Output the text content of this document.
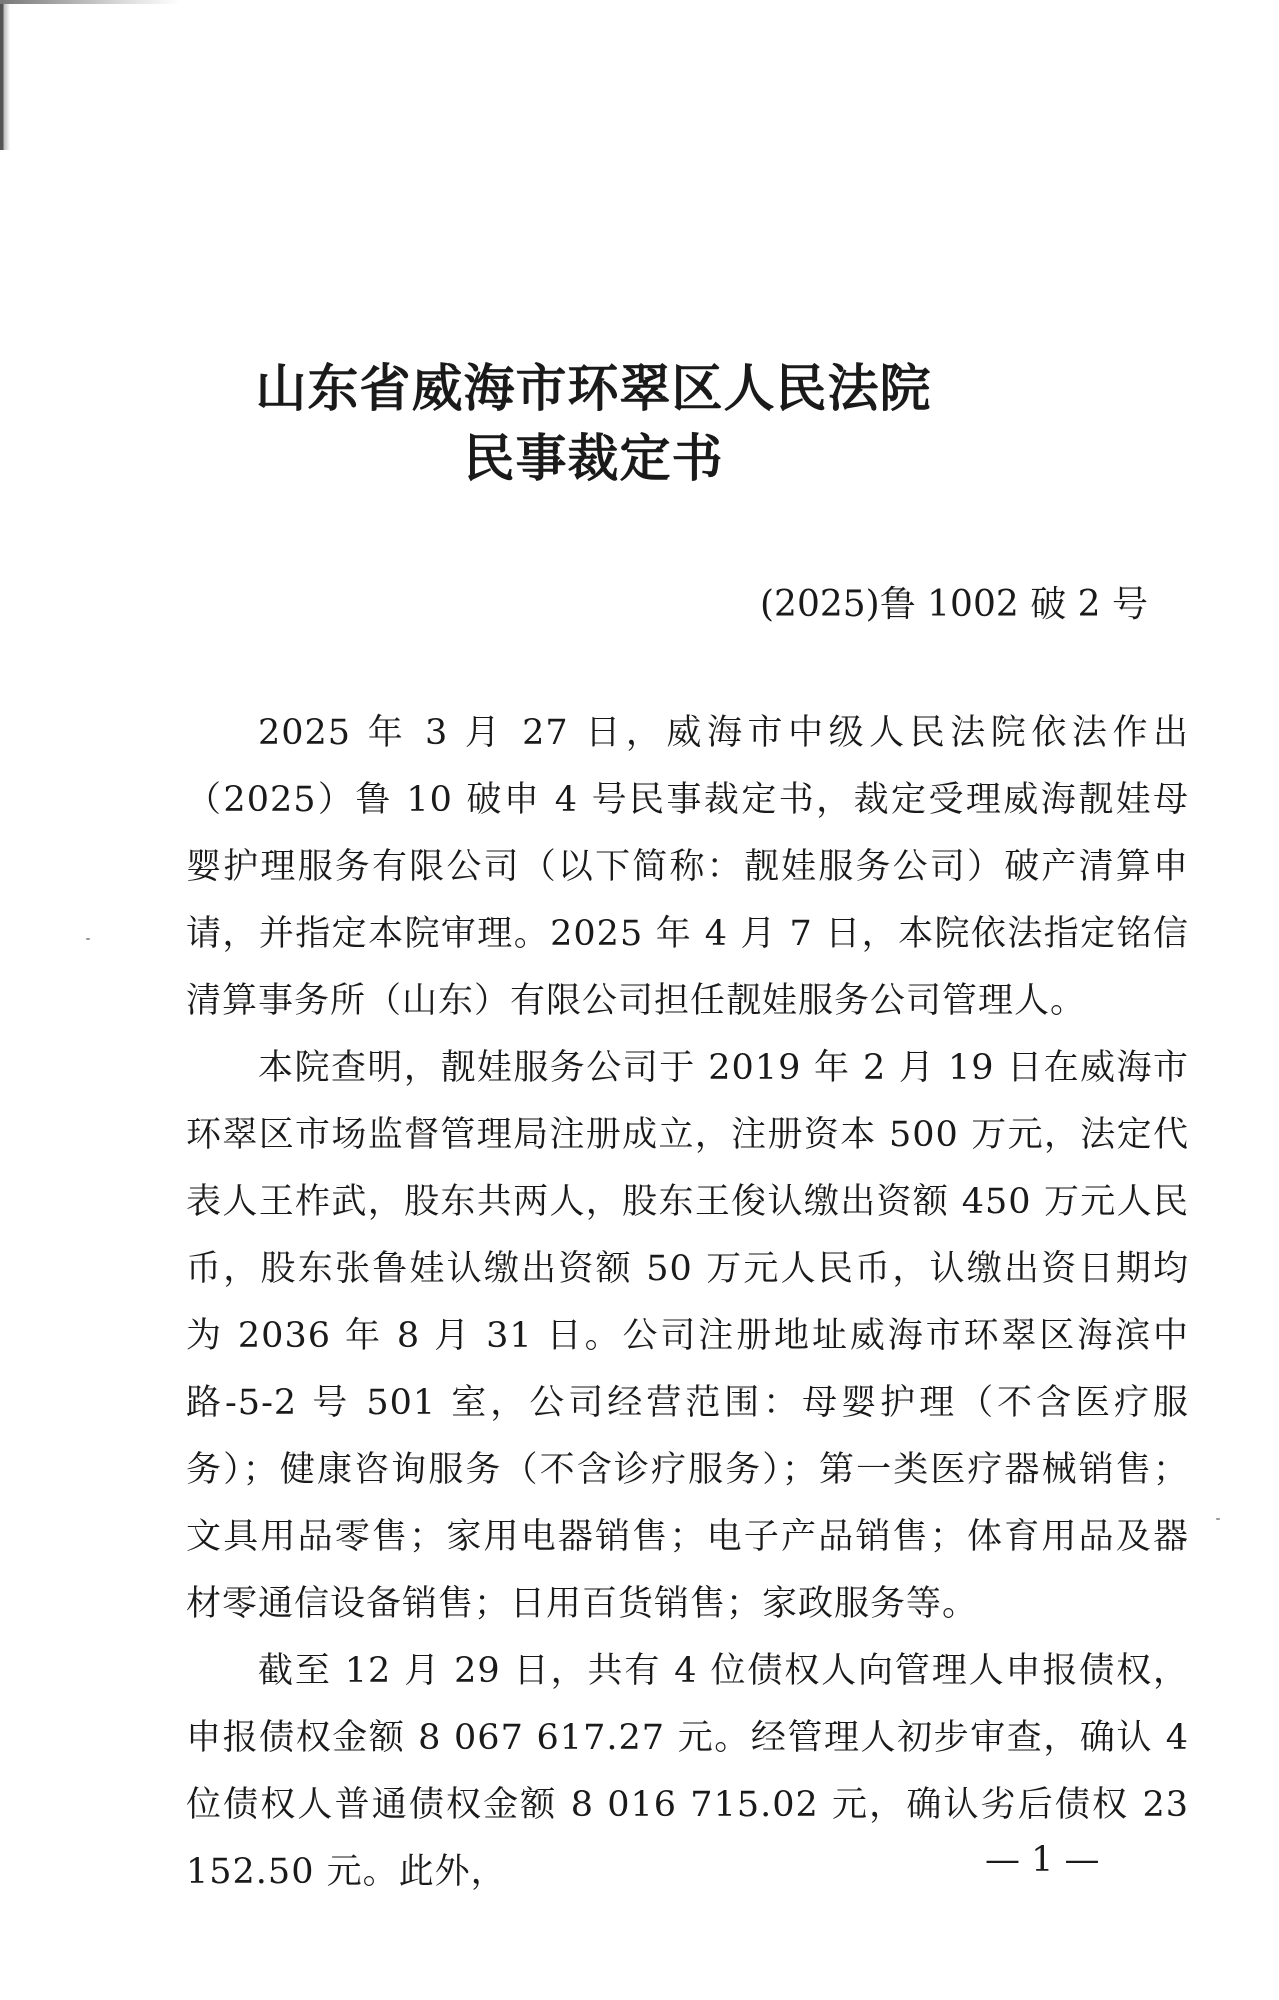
山东省威海市环翠区人民法院
民事裁定书
(2025)鲁 1002 破 2 号

2025 年 3 月 27 日，威海市中级人民法院依法作出（2025）鲁 10 破申 4 号民事裁定书，裁定受理威海靓娃母婴护理服务有限公司（以下简称：靓娃服务公司）破产清算申请，并指定本院审理。2025 年 4 月 7 日，本院依法指定铭信清算事务所（山东）有限公司担任靓娃服务公司管理人。

本院查明，靓娃服务公司于 2019 年 2 月 19 日在威海市环翠区市场监督管理局注册成立，注册资本 500 万元，法定代表人王柞武，股东共两人，股东王俊认缴出资额 450 万元人民币，股东张鲁娃认缴出资额 50 万元人民币，认缴出资日期均为 2036 年 8 月 31 日。公司注册地址威海市环翠区海滨中路-5-2 号 501 室，公司经营范围：母婴护理（不含医疗服务）；健康咨询服务（不含诊疗服务）；第一类医疗器械销售；文具用品零售；家用电器销售；电子产品销售；体育用品及器材零通信设备销售；日用百货销售；家政服务等。

截至 12 月 29 日，共有 4 位债权人向管理人申报债权，申报债权金额 8 067 617.27 元。经管理人初步审查，确认 4 位债权人普通债权金额 8 016 715.02 元，确认劣后债权 23 152.50 元。此外，	— 1 —
